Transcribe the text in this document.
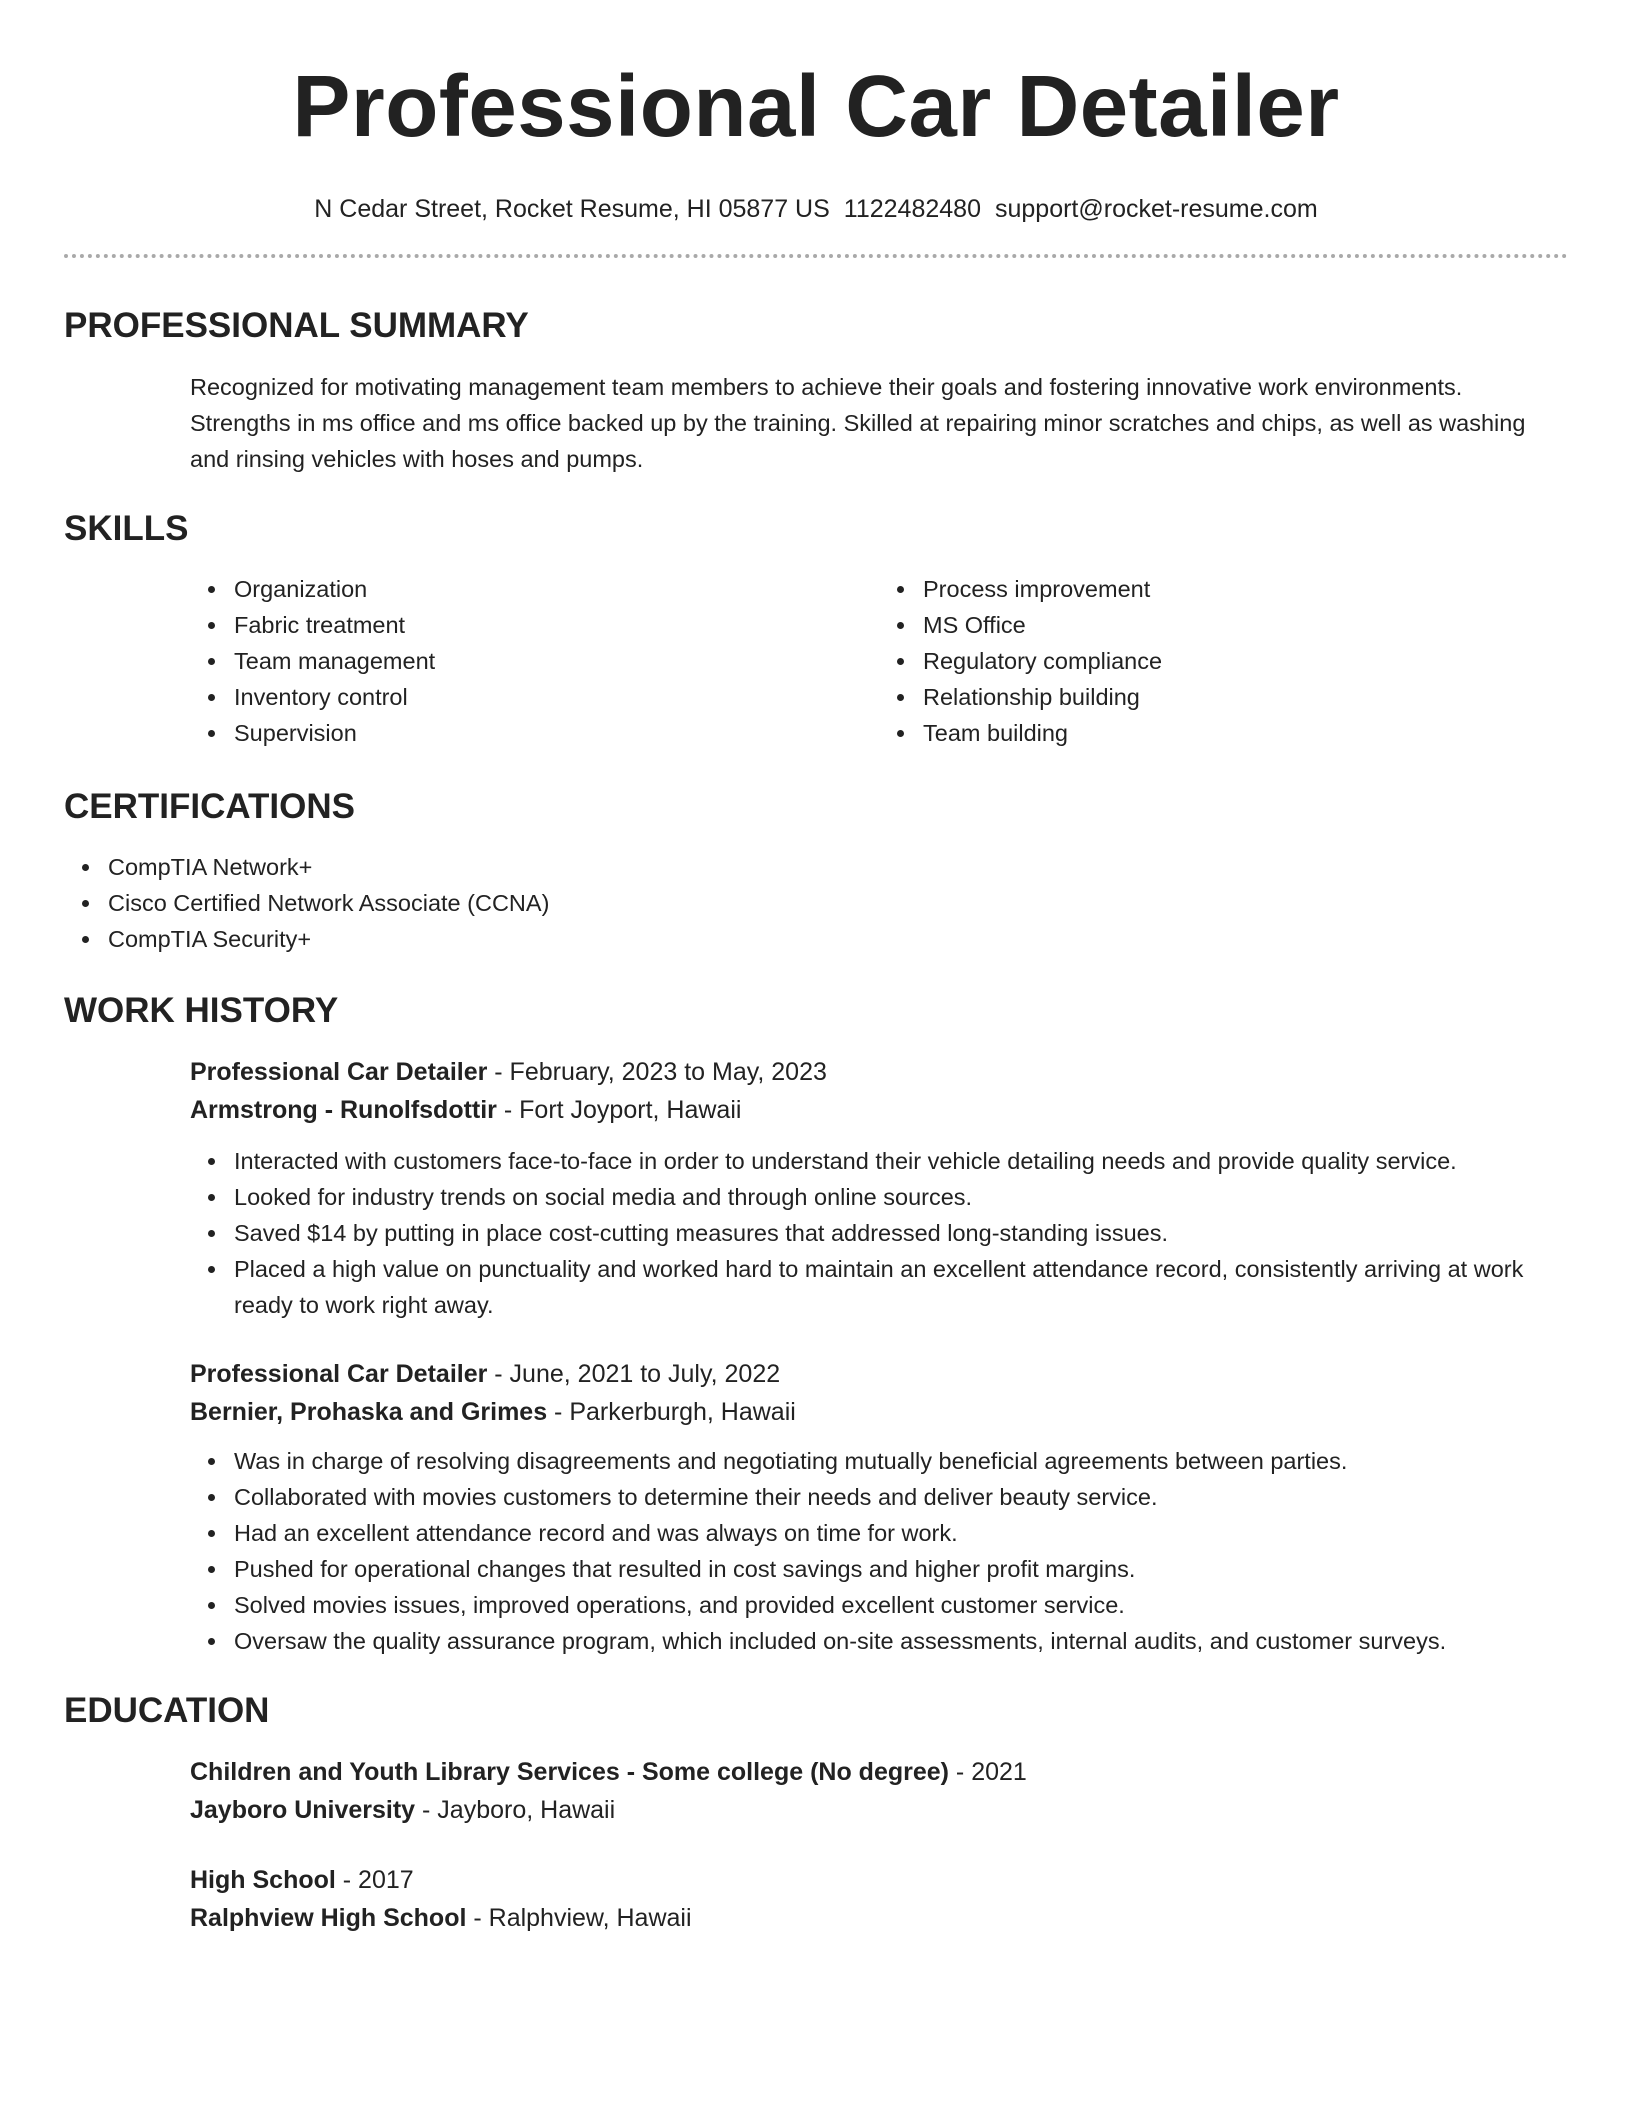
Professional Car Detailer
N Cedar Street, Rocket Resume, HI 05877 US 1122482480 support@rocket-resume.com
PROFESSIONAL SUMMARY

Recognized for motivating management team members to achieve their goals and fostering innovative work environments. Strengths in ms office and ms office backed up by the training. Skilled at repairing minor scratches and chips, as well as washing and rinsing vehicles with hoses and pumps.

SKILLS
Organization
Fabric treatment
Team management
Inventory control
Supervision
Process improvement
MS Office
Regulatory compliance
Relationship building
Team building
CERTIFICATIONS
CompTIA Network+
Cisco Certified Network Associate (CCNA)
CompTIA Security+
WORK HISTORY
Professional Car Detailer - February, 2023 to May, 2023
Armstrong - Runolfsdottir - Fort Joyport, Hawaii
Interacted with customers face-to-face in order to understand their vehicle detailing needs and provide quality service.
Looked for industry trends on social media and through online sources.
Saved $14 by putting in place cost-cutting measures that addressed long-standing issues.
Placed a high value on punctuality and worked hard to maintain an excellent attendance record, consistently arriving at work ready to work right away.
Professional Car Detailer - June, 2021 to July, 2022
Bernier, Prohaska and Grimes - Parkerburgh, Hawaii
Was in charge of resolving disagreements and negotiating mutually beneficial agreements between parties.
Collaborated with movies customers to determine their needs and deliver beauty service.
Had an excellent attendance record and was always on time for work.
Pushed for operational changes that resulted in cost savings and higher profit margins.
Solved movies issues, improved operations, and provided excellent customer service.
Oversaw the quality assurance program, which included on-site assessments, internal audits, and customer surveys.
EDUCATION
Children and Youth Library Services - Some college (No degree) - 2021
Jayboro University - Jayboro, Hawaii
High School - 2017
Ralphview High School - Ralphview, Hawaii
